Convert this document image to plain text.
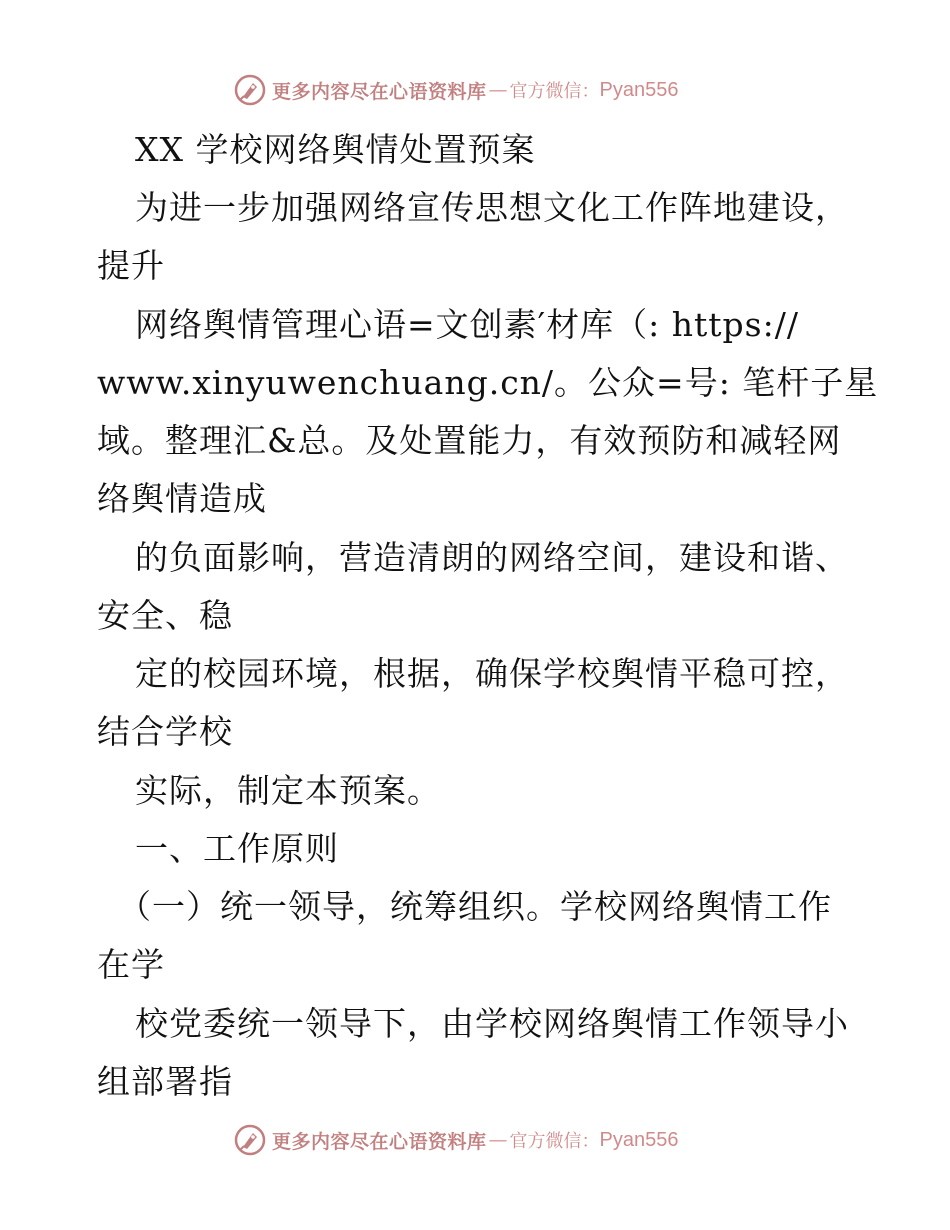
更多内容尽在心语资料库 — 官方微信： Pyan556
XX 学校网络舆情处置预案
为进一步加强网络宣传思想文化工作阵地建设，
提升
网络舆情管理心语=文创素′材库（: https://
www.xinyuwenchuang.cn/。公众=号: 笔杆子星
域。整理汇&总。及处置能力，有效预防和减轻网
络舆情造成
的负面影响，营造清朗的网络空间，建设和谐、
安全、稳
定的校园环境，根据，确保学校舆情平稳可控，
结合学校
实际，制定本预案。
一、工作原则
（一）统一领导，统筹组织。学校网络舆情工作
在学
校党委统一领导下，由学校网络舆情工作领导小
组部署指
更多内容尽在心语资料库 — 官方微信： Pyan556
